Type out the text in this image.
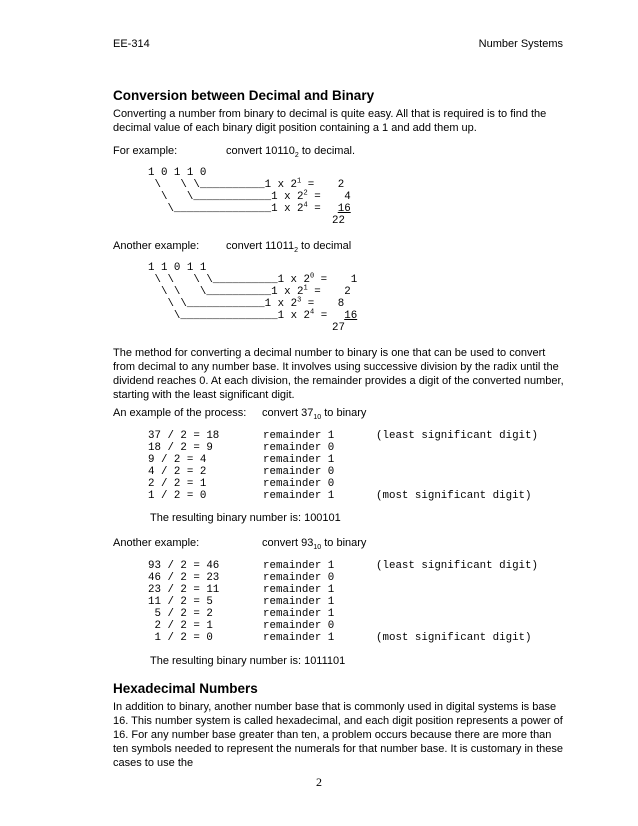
EE-314	Number Systems
Conversion between Decimal and Binary
Converting a number from binary to decimal is quite easy. All that is required is to find the decimal value of each binary digit position containing a 1 and add them up.
For example:	convert $10110_2$ to decimal.
1 0 1 1 0
\   \ \__________1 x $2^1 = 2$
\   \____________1 x $2^2 = 4$
\_______________1 x $2^4 = 16$
22
Another example: convert $11011_2$ to decimal
1 1 0 1 1
\ \   \ \__________1 x $2^0 = 1$
\ \   \__________1 x $2^1 = 2$
\ \____________1 x $2^3 = 8$
\_______________1 x $2^4 = 16$
27
The method for converting a decimal number to binary is one that can be used to convert from decimal to any number base. It involves using successive division by the radix until the dividend reaches 0. At each division, the remainder provides a digit of the converted number, starting with the least significant digit.
An example of the process: convert $37_{10}$ to binary
37 / 2 = 18	remainder 1	(least significant digit)
18 / 2 = 9	remainder 0
9 / 2 = 4	remainder 1
4 / 2 = 2	remainder 0
2 / 2 = 1	remainder 0
1 / 2 = 0	remainder 1	(most significant digit)
The resulting binary number is: 100101
Another example:	convert $93_{10}$ to binary
93 / 2 = 46	remainder 1	(least significant digit)
46 / 2 = 23	remainder 0
23 / 2 = 11	remainder 1
11 / 2 = 5	remainder 1
5 / 2 = 2	remainder 1
2 / 2 = 1	remainder 0
1 / 2 = 0	remainder 1	(most significant digit)
The resulting binary number is: 1011101
Hexadecimal Numbers
In addition to binary, another number base that is commonly used in digital systems is base 16. This number system is called hexadecimal, and each digit position represents a power of 16. For any number base greater than ten, a problem occurs because there are more than ten symbols needed to represent the numerals for that number base. It is customary in these cases to use the
2
